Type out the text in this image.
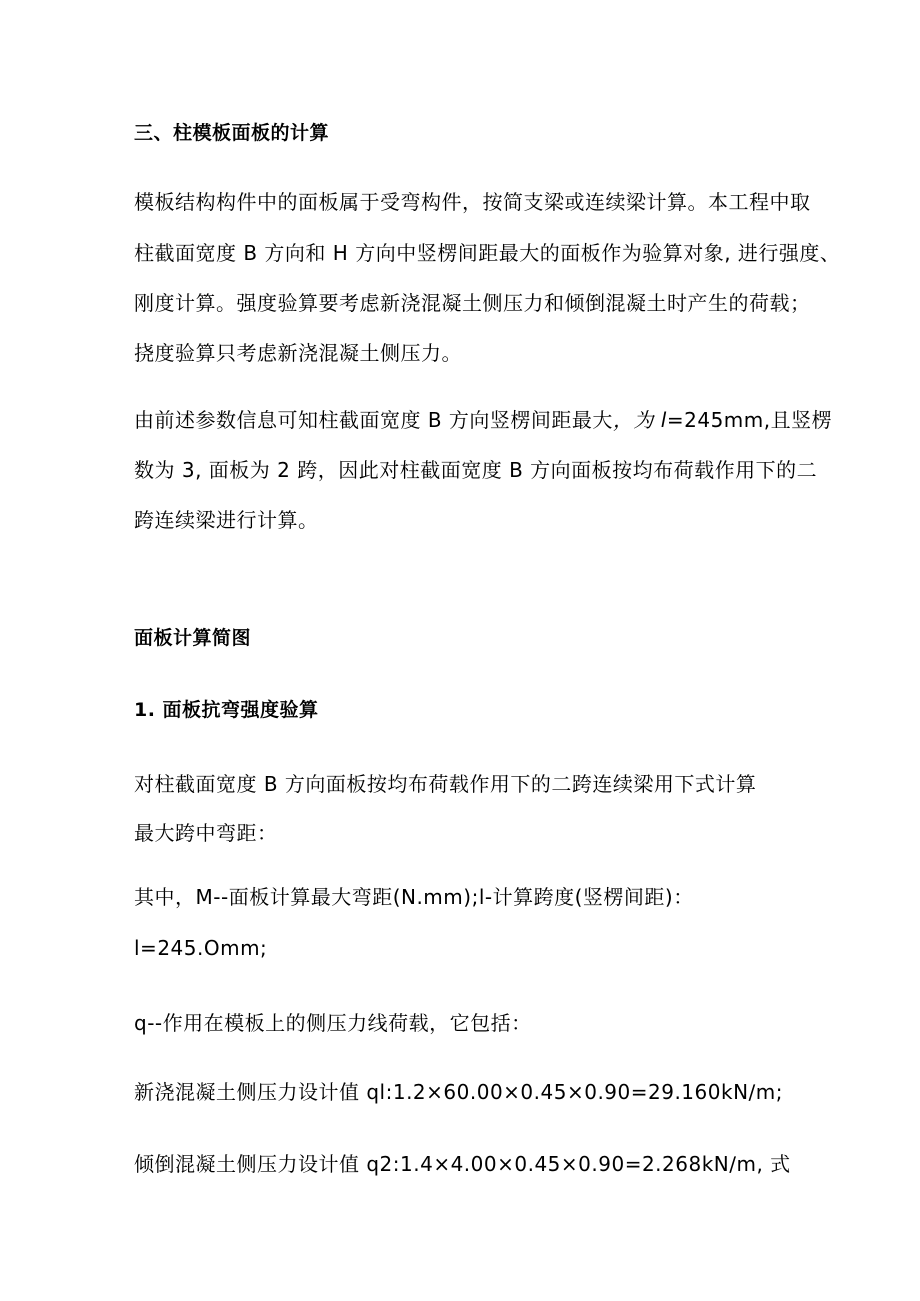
三、柱模板面板的计算
模板结构构件中的面板属于受弯构件，按简支梁或连续梁计算。本工程中取
柱截面宽度 B 方向和 H 方向中竖楞间距最大的面板作为验算对象, 进行强度、
刚度计算。强度验算要考虑新浇混凝土侧压力和倾倒混凝土时产生的荷载；
挠度验算只考虑新浇混凝土侧压力。
由前述参数信息可知柱截面宽度 B 方向竖楞间距最大，为 l=245mm,且竖楞
数为 3, 面板为 2 跨，因此对柱截面宽度 B 方向面板按均布荷载作用下的二
跨连续梁进行计算。
面板计算简图
1. 面板抗弯强度验算
对柱截面宽度 B 方向面板按均布荷载作用下的二跨连续梁用下式计算
最大跨中弯距：
其中，M--面板计算最大弯距(N.mm);l-计算跨度(竖楞间距)：
l=245.Omm;
q--作用在模板上的侧压力线荷载，它包括：
新浇混凝土侧压力设计值 ql:1.2×60.00×0.45×0.90=29.160kN∕m;
倾倒混凝土侧压力设计值 q2:1.4×4.00×0.45×0.90=2.268kN∕m, 式
